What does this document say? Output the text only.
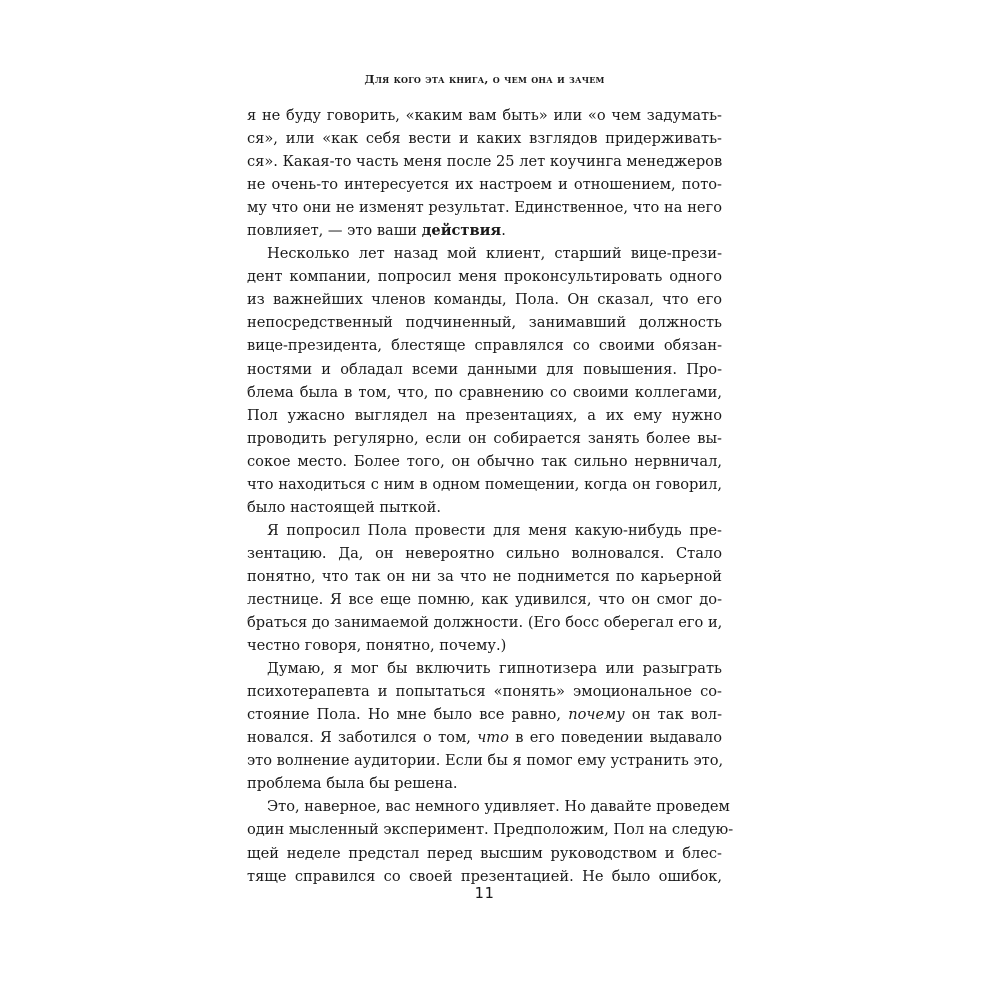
Для кого эта книга, о чем она и зачем
я не буду говорить, «каким вам быть» или «о чем задумать-
ся», или «как себя вести и каких взглядов придерживать-
ся». Какая-то часть меня после 25 лет коучинга менеджеров
не очень-то интересуется их настроем и отношением, пото-
му что они не изменят результат. Единственное, что на него
повлияет, — это ваши действия.
Несколько лет назад мой клиент, старший вице-прези-
дент компании, попросил меня проконсультировать одного
из важнейших членов команды, Пола. Он сказал, что его
непосредственный подчиненный, занимавший должность
вице-президента, блестяще справлялся со своими обязан-
ностями и обладал всеми данными для повышения. Про-
блема была в том, что, по сравнению со своими коллегами,
Пол ужасно выглядел на презентациях, а их ему нужно
проводить регулярно, если он собирается занять более вы-
сокое место. Более того, он обычно так сильно нервничал,
что находиться с ним в одном помещении, когда он говорил,
было настоящей пыткой.
Я попросил Пола провести для меня какую-нибудь пре-
зентацию. Да, он невероятно сильно волновался. Стало
понятно, что так он ни за что не поднимется по карьерной
лестнице. Я все еще помню, как удивился, что он смог до-
браться до занимаемой должности. (Его босс оберегал его и,
честно говоря, понятно, почему.)
Думаю, я мог бы включить гипнотизера или разыграть
психотерапевта и попытаться «понять» эмоциональное со-
стояние Пола. Но мне было все равно, почему он так вол-
новался. Я заботился о том, что в его поведении выдавало
это волнение аудитории. Если бы я помог ему устранить это,
проблема была бы решена.
Это, наверное, вас немного удивляет. Но давайте проведем
один мысленный эксперимент. Предположим, Пол на следую-
щей неделе предстал перед высшим руководством и блес-
тяще справился со своей презентацией. Не было ошибок,
11
